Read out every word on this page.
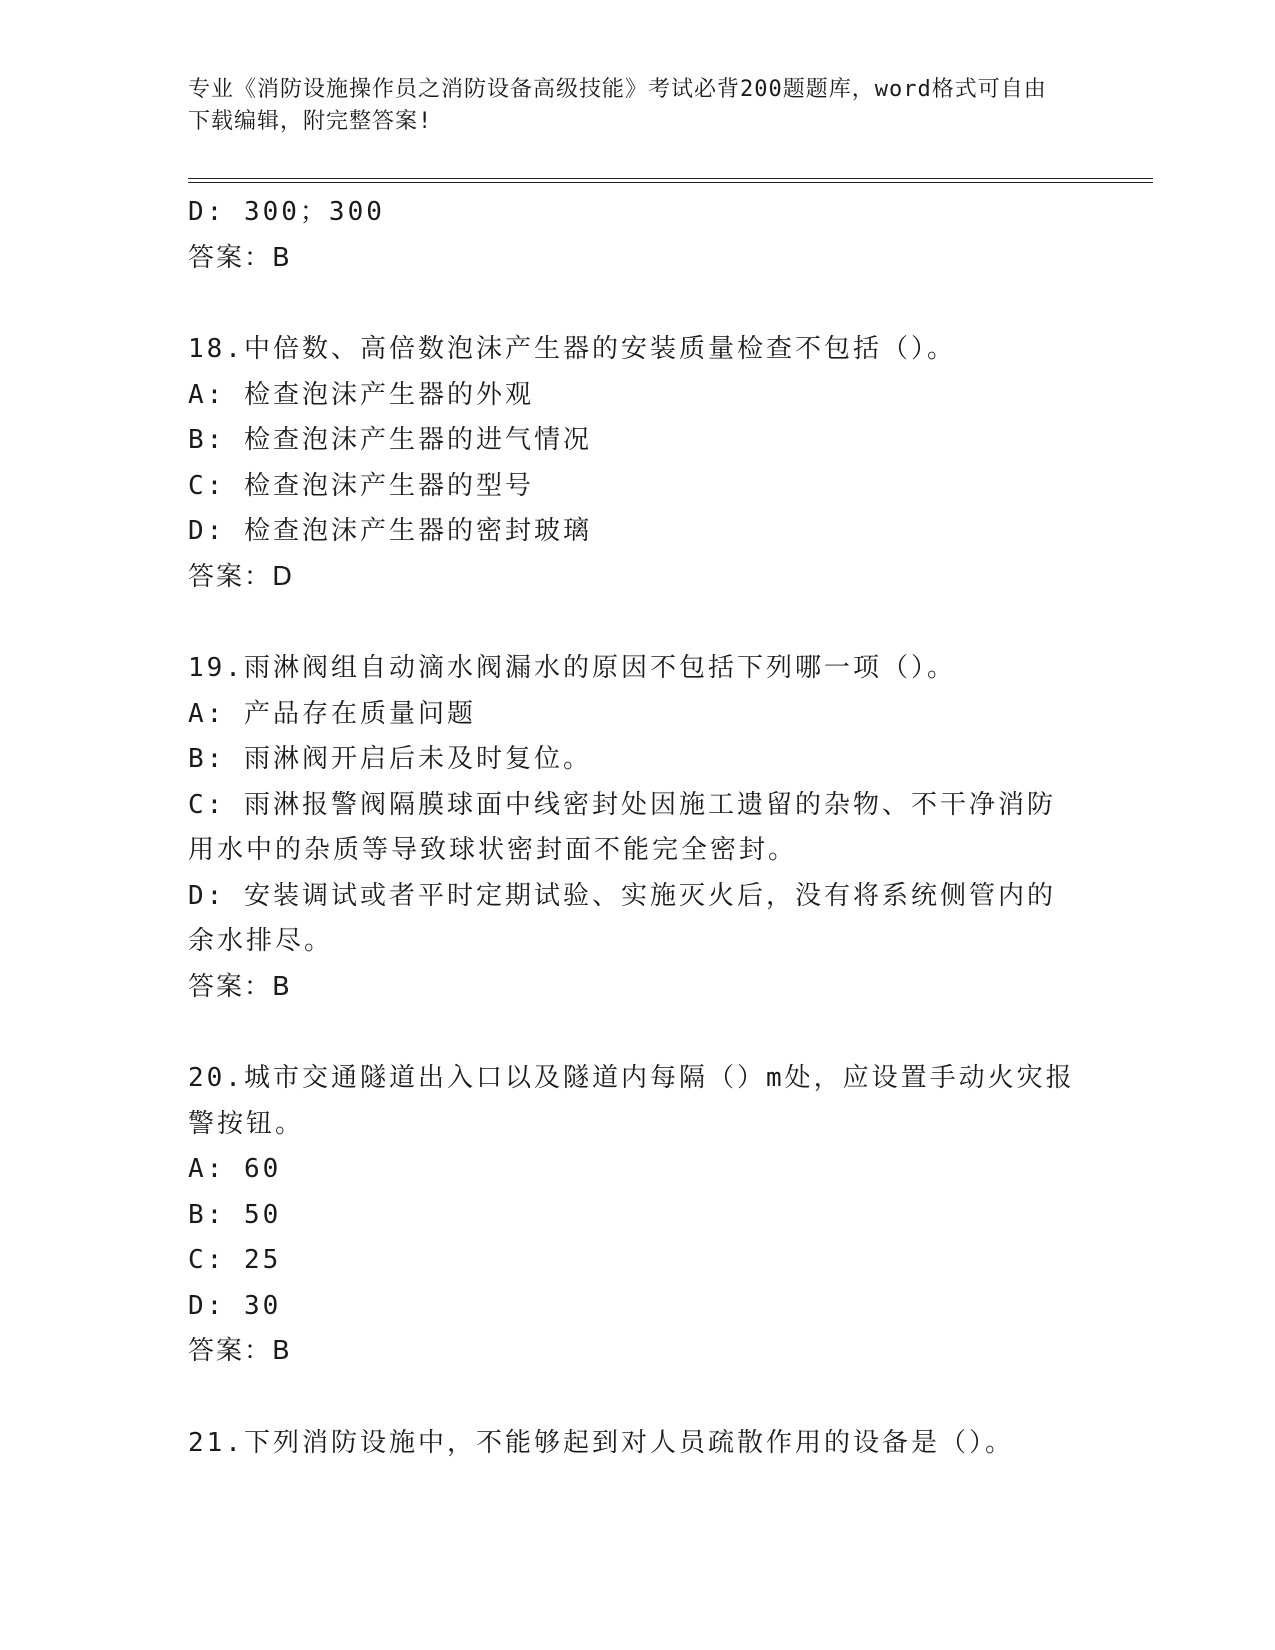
专业《消防设施操作员之消防设备高级技能》考试必背200题题库，word格式可自由下载编辑，附完整答案!
D: 300；300
答案：B
18.中倍数、高倍数泡沫产生器的安装质量检查不包括（）。
A: 检查泡沫产生器的外观
B: 检查泡沫产生器的进气情况
C: 检查泡沫产生器的型号
D: 检查泡沫产生器的密封玻璃
答案：D
19.雨淋阀组自动滴水阀漏水的原因不包括下列哪一项（）。
A: 产品存在质量问题
B: 雨淋阀开启后未及时复位。
C: 雨淋报警阀隔膜球面中线密封处因施工遗留的杂物、不干净消防用水中的杂质等导致球状密封面不能完全密封。
D: 安装调试或者平时定期试验、实施灭火后，没有将系统侧管内的余水排尽。
答案：B
20.城市交通隧道出入口以及隧道内每隔（）m处，应设置手动火灾报警按钮。
A: 60
B: 50
C: 25
D: 30
答案：B
21.下列消防设施中，不能够起到对人员疏散作用的设备是（）。
